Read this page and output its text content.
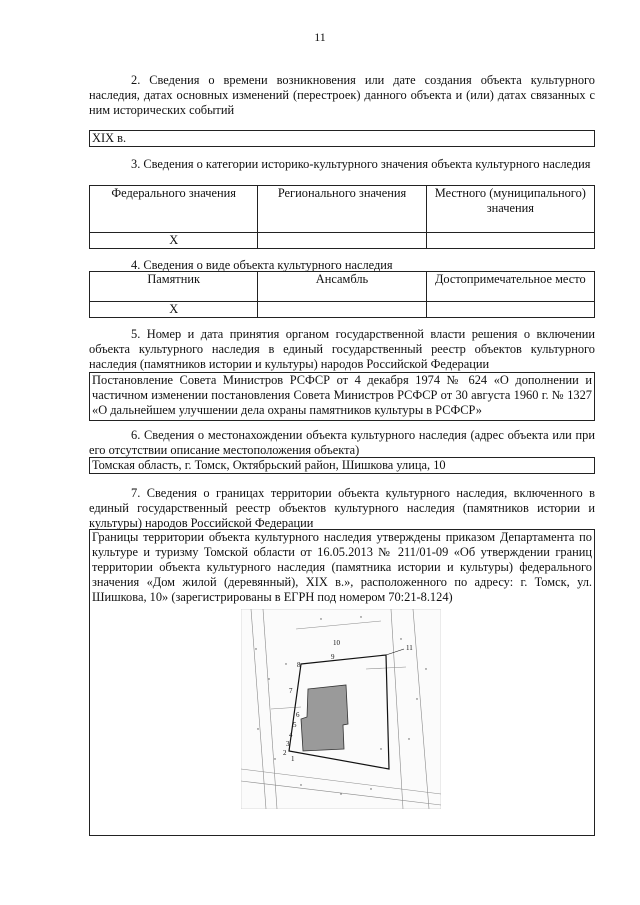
11

2. Сведения о времени возникновения или дате создания объекта культурного наследия, датах основных изменений (перестроек) данного объекта и (или) датах связанных с ним исторических событий

XIX в.

3. Сведения о категории историко-культурного значения объекта культурного наследия

Федерального значения	Регионального значения	Местного (муниципального) значения
X		

4. Сведения о виде объекта культурного наследия

Памятник	Ансамбль	Достопримечательное место
X		

5. Номер и дата принятия органом государственной власти решения о включении объекта культурного наследия в единый государственный реестр объектов культурного наследия (памятников истории и культуры) народов Российской Федерации

Постановление Совета Министров РСФСР от 4 декабря 1974 № 624 «О дополнении и частичном изменении постановления Совета Министров РСФСР от 30 августа 1960 г. № 1327 «О дальнейшем улучшении дела охраны памятников культуры в РСФСР»

6. Сведения о местонахождении объекта культурного наследия (адрес объекта или при его отсутствии описание местоположения объекта)

Томская область, г. Томск, Октябрьский район, Шишкова улица, 10

7. Сведения о границах территории объекта культурного наследия, включенного в единый государственный реестр объектов культурного наследия (памятников истории и культуры) народов Российской Федерации

Границы территории объекта культурного наследия утверждены приказом Департамента по культуре и туризму Томской области от 16.05.2013 № 211/01-09 «Об утверждении границ территории объекта культурного наследия (памятника истории и культуры) федерального значения «Дом жилой (деревянный), XIX в.», расположенного по адресу: г. Томск, ул. Шишкова, 10» (зарегистрированы в ЕГРН под номером 70:21-8.124)
10
11
9
8
7
6
5
4
3
2
1
